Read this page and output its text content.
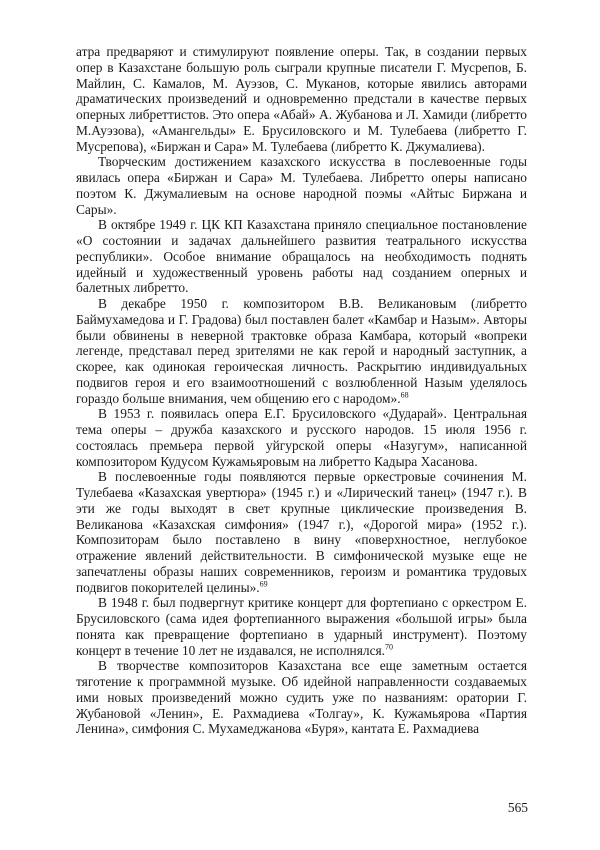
атра предваряют и стимулируют появление оперы. Так, в создании первых опер в Казахстане большую роль сыграли крупные писатели Г. Мусрепов, Б. Майлин, С. Камалов, М. Ауэзов, С. Муканов, которые явились авторами драматических произведений и одновременно предстали в качестве первых оперных либреттистов. Это опера «Абай» А. Жубанова и Л. Хамиди (либретто М.Ауэзова), «Амангельды» Е. Брусиловского и М. Тулебаева (либретто Г. Мусрепова), «Биржан и Сара» М. Тулебаева (либретто К. Джумалиева).

Творческим достижением казахского искусства в послевоенные годы явилась опера «Биржан и Сара» М. Тулебаева. Либретто оперы написано поэтом К. Джумалиевым на основе народной поэмы «Айтыс Биржана и Сары».

В октябре 1949 г. ЦК КП Казахстана приняло специальное постановление «О состоянии и задачах дальнейшего развития театрального искусства республики». Особое внимание обращалось на необходимость поднять идейный и художественный уровень работы над созданием оперных и балетных либретто.

В декабре 1950 г. композитором В.В. Великановым (либретто Баймухамедова и Г. Градова) был поставлен балет «Камбар и Назым». Авторы были обвинены в неверной трактовке образа Камбара, который «вопреки легенде, представал перед зрителями не как герой и народный заступник, а скорее, как одинокая героическая личность. Раскрытию индивидуальных подвигов героя и его взаимоотношений с возлюбленной Назым уделялось гораздо больше внимания, чем общению его с народом».$^{68}$

В 1953 г. появилась опера Е.Г. Брусиловского «Дударай». Центральная тема оперы – дружба казахского и русского народов. 15 июля 1956 г. состоялась премьера первой уйгурской оперы «Назугум», написанной композитором Кудусом Кужамьяровым на либретто Кадыра Хасанова.

В послевоенные годы появляются первые оркестровые сочинения М. Тулебаева «Казахская увертюра» (1945 г.) и «Лирический танец» (1947 г.). В эти же годы выходят в свет крупные циклические произведения В. Великанова «Казахская симфония» (1947 г.), «Дорогой мира» (1952 г.). Композиторам было поставлено в вину «поверхностное, неглубокое отражение явлений действительности. В симфонической музыке еще не запечатлены образы наших современников, героизм и романтика трудовых подвигов покорителей целины».$^{69}$

В 1948 г. был подвергнут критике концерт для фортепиано с оркестром Е. Брусиловского (сама идея фортепианного выражения «большой игры» была понята как превращение фортепиано в ударный инструмент). Поэтому концерт в течение 10 лет не издавался, не исполнялся.$^{70}$

В творчестве композиторов Казахстана все еще заметным остается тяготение к программной музыке. Об идейной направленности создаваемых ими новых произведений можно судить уже по названиям: оратории Г. Жубановой «Ленин», Е. Рахмадиева «Толгау», К. Кужамьярова «Партия Ленина», симфония С. Мухамеджанова «Буря», кантата Е. Рахмадиева

565
